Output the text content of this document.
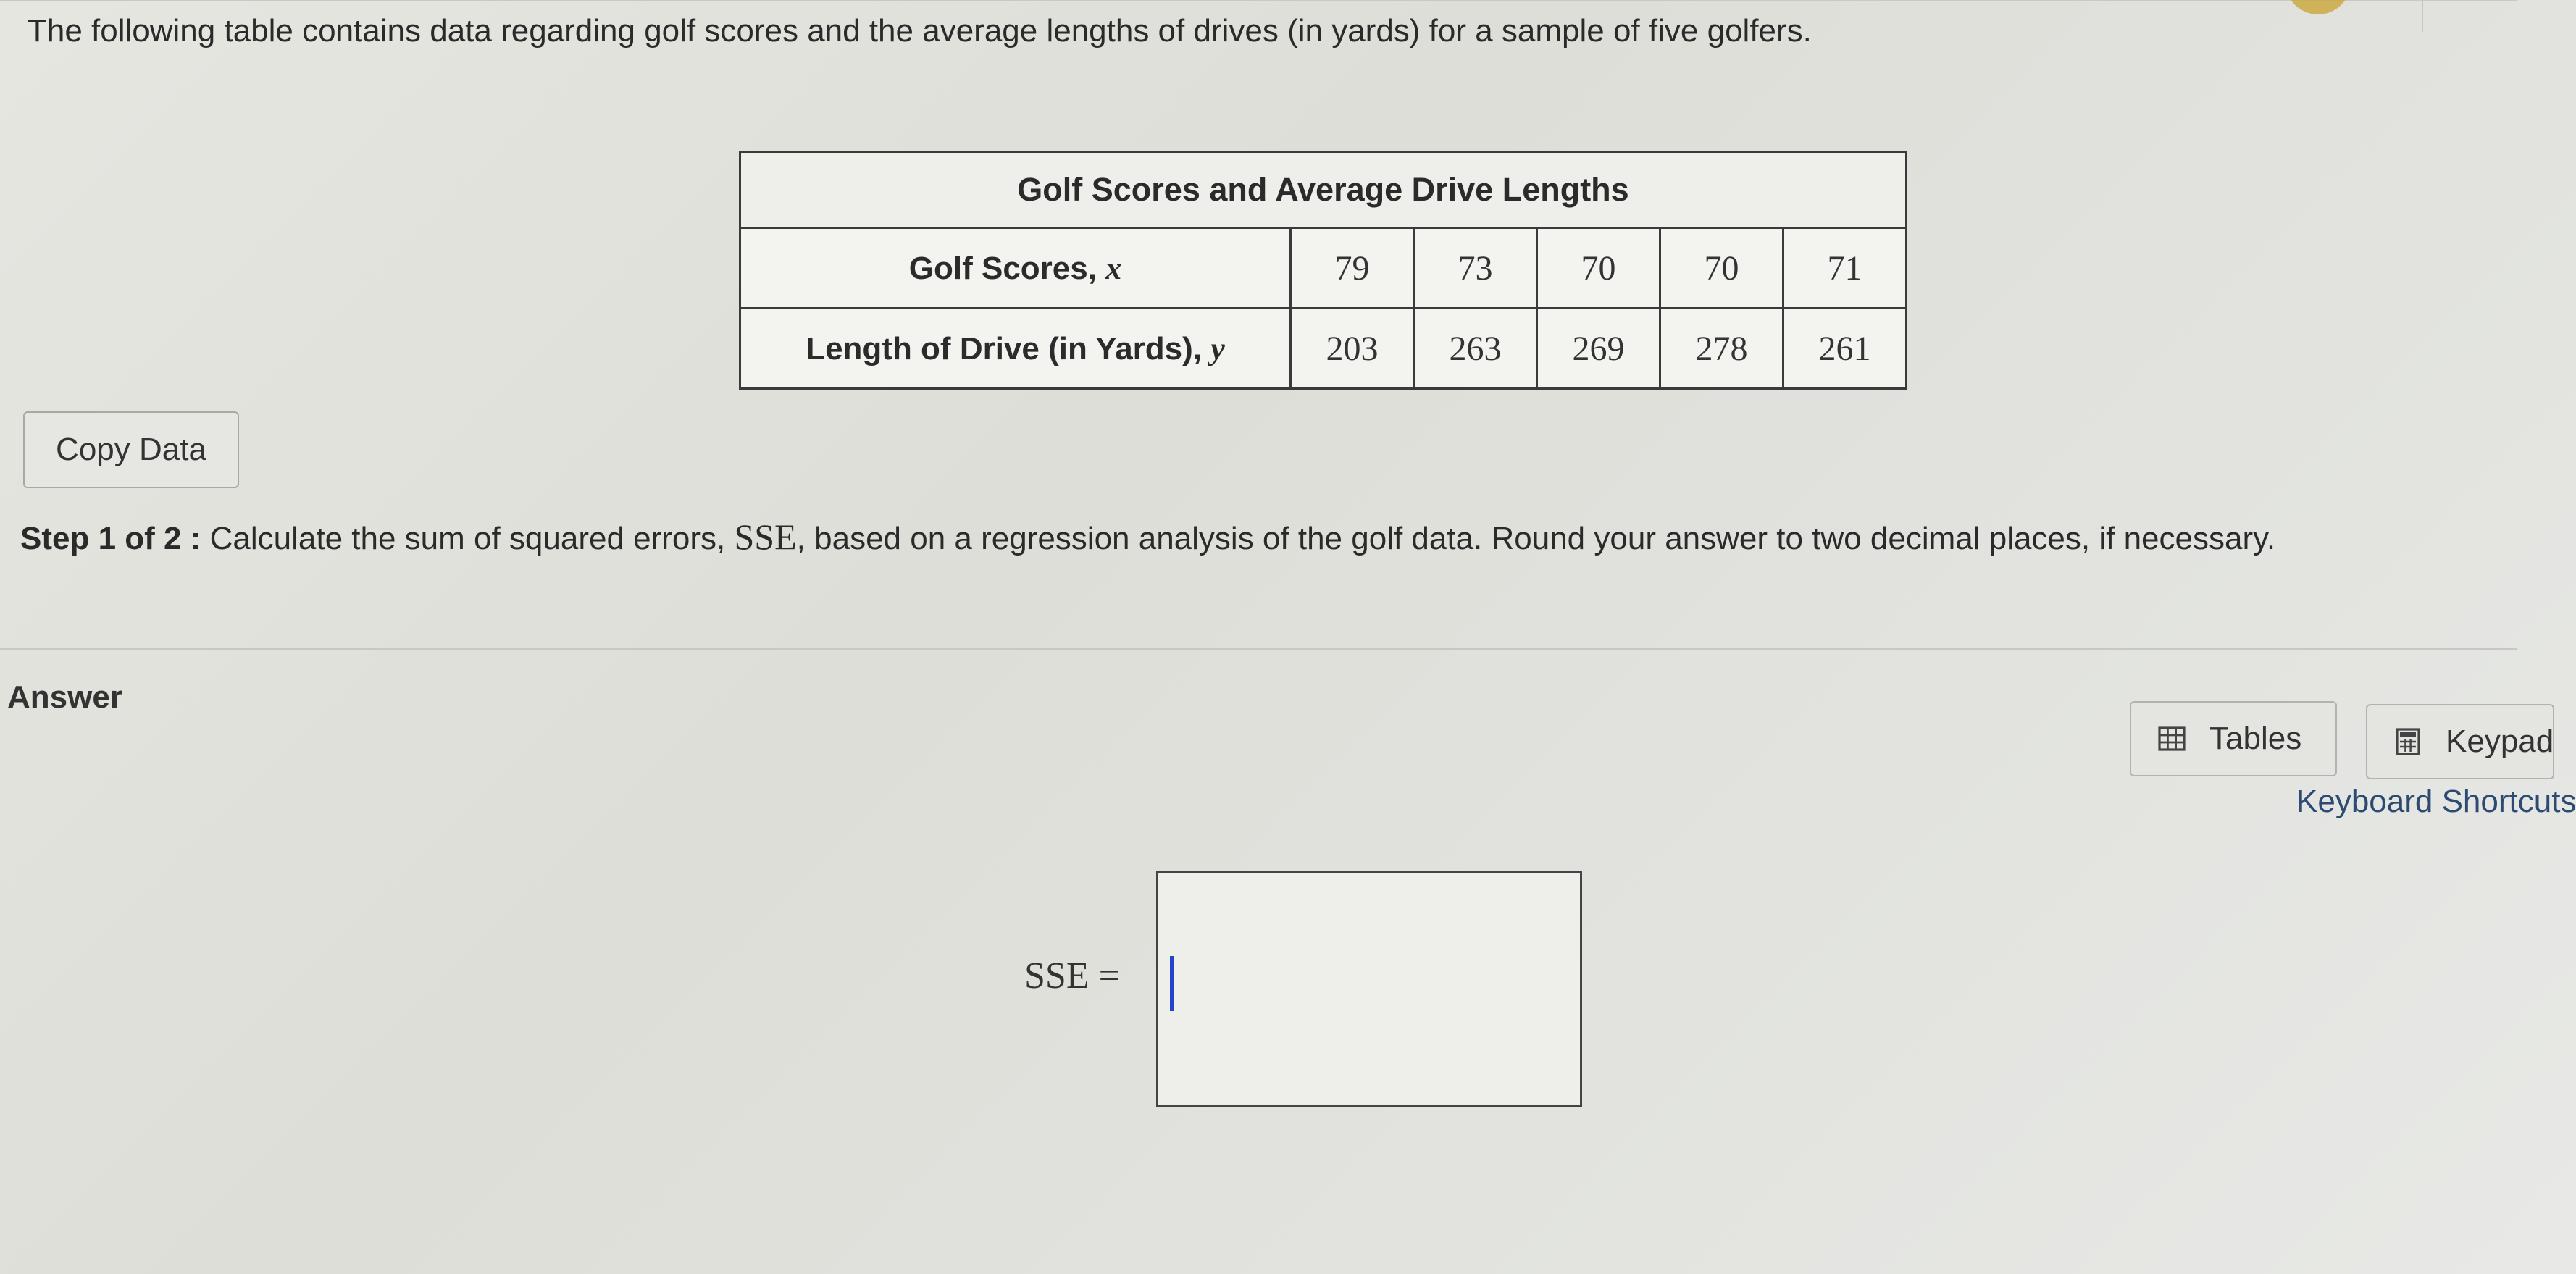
The following table contains data regarding golf scores and the average lengths of drives (in yards) for a sample of five golfers.
Golf Scores and Average Drive Lengths					
Golf Scores, x	79	73	70	70	71
Length of Drive (in Yards), y	203	263	269	278	261
Copy Data
Step 1 of 2 : Calculate the sum of squared errors, SSE, based on a regression analysis of the golf data. Round your answer to two decimal places, if necessary.
Answer
Tables	Keypad
Keyboard Shortcuts
SSE =
